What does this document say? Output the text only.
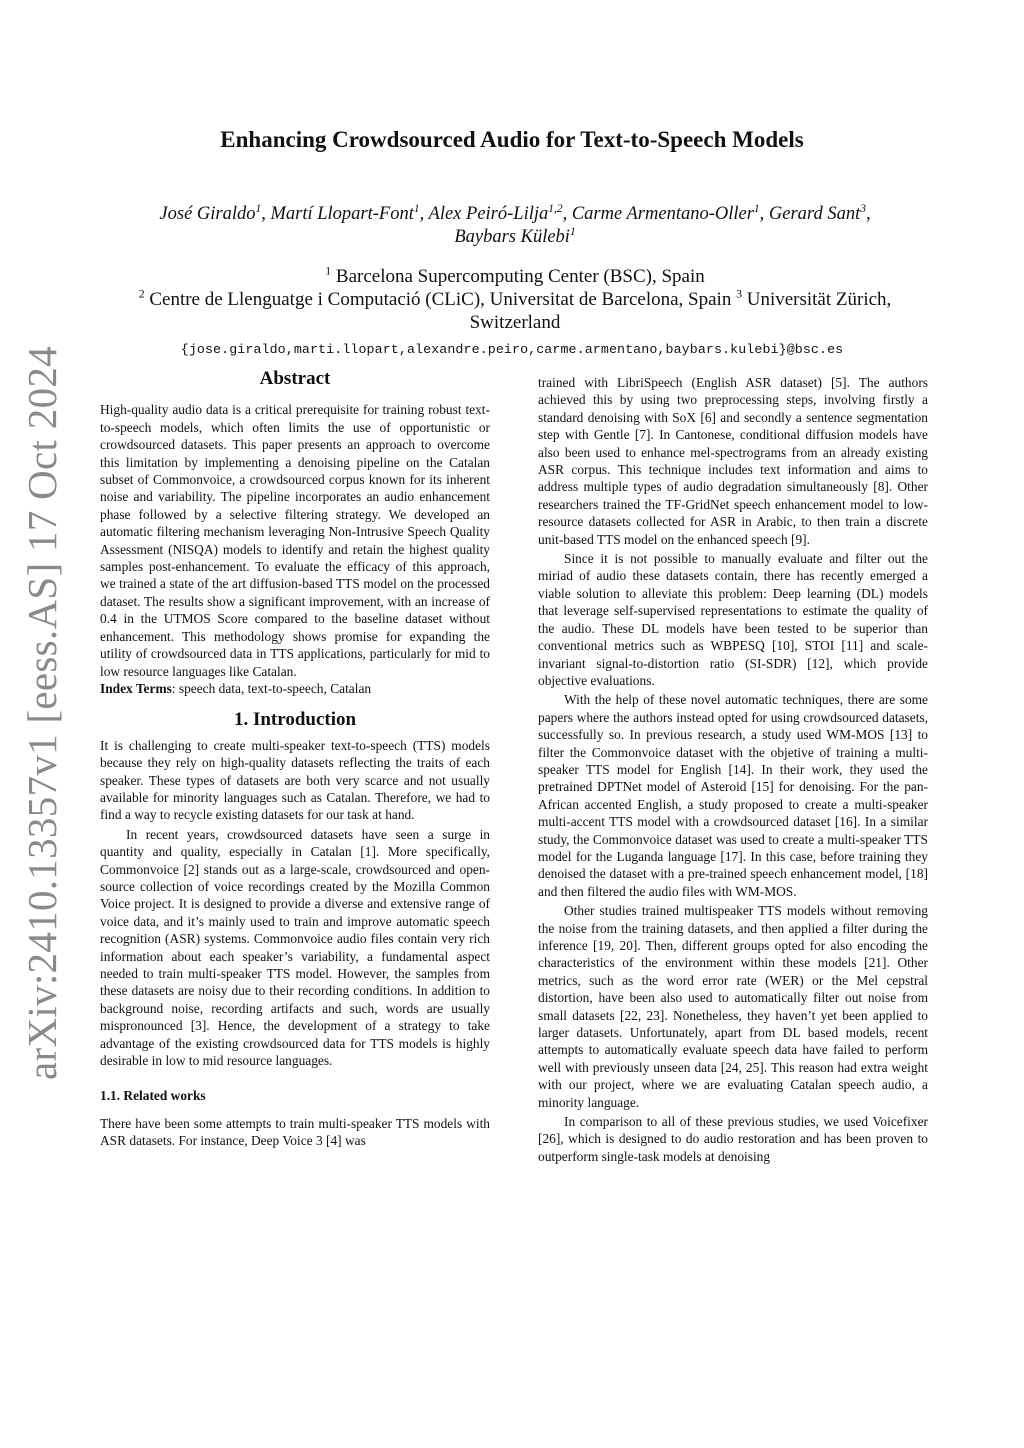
arXiv:2410.13357v1 [eess.AS] 17 Oct 2024
Enhancing Crowdsourced Audio for Text-to-Speech Models
José Giraldo$^1$, Martí Llopart-Font$^1$, Alex Peiró-Lilja$^{1,2}$, Carme Armentano-Oller$^1$, Gerard Sant$^3$,
Baybars Külebi$^1$
$^1$ Barcelona Supercomputing Center (BSC), Spain
$^2$ Centre de Llenguatge i Computació (CLiC), Universitat de Barcelona, Spain $^3$ Universität Zürich,
Switzerland
{jose.giraldo,marti.llopart,alexandre.peiro,carme.armentano,baybars.kulebi}@bsc.es
Abstract

High-quality audio data is a critical prerequisite for training robust text-to-speech models, which often limits the use of opportunistic or crowdsourced datasets. This paper presents an approach to overcome this limitation by implementing a denoising pipeline on the Catalan subset of Commonvoice, a crowdsourced corpus known for its inherent noise and variability. The pipeline incorporates an audio enhancement phase followed by a selective filtering strategy. We developed an automatic filtering mechanism leveraging Non-Intrusive Speech Quality Assessment (NISQA) models to identify and retain the highest quality samples post-enhancement. To evaluate the efficacy of this approach, we trained a state of the art diffusion-based TTS model on the processed dataset. The results show a significant improvement, with an increase of 0.4 in the UTMOS Score compared to the baseline dataset without enhancement. This methodology shows promise for expanding the utility of crowdsourced data in TTS applications, particularly for mid to low resource languages like Catalan.

Index Terms: speech data, text-to-speech, Catalan

1. Introduction

It is challenging to create multi-speaker text-to-speech (TTS) models because they rely on high-quality datasets reflecting the traits of each speaker. These types of datasets are both very scarce and not usually available for minority languages such as Catalan. Therefore, we had to find a way to recycle existing datasets for our task at hand.

In recent years, crowdsourced datasets have seen a surge in quantity and quality, especially in Catalan [1]. More specifically, Commonvoice [2] stands out as a large-scale, crowdsourced and open-source collection of voice recordings created by the Mozilla Common Voice project. It is designed to provide a diverse and extensive range of voice data, and it’s mainly used to train and improve automatic speech recognition (ASR) systems. Commonvoice audio files contain very rich information about each speaker’s variability, a fundamental aspect needed to train multi-speaker TTS model. However, the samples from these datasets are noisy due to their recording conditions. In addition to background noise, recording artifacts and such, words are usually mispronounced [3]. Hence, the development of a strategy to take advantage of the existing crowdsourced data for TTS models is highly desirable in low to mid resource languages.

1.1. Related works

There have been some attempts to train multi-speaker TTS models with ASR datasets. For instance, Deep Voice 3 [4] was

trained with LibriSpeech (English ASR dataset) [5]. The authors achieved this by using two preprocessing steps, involving firstly a standard denoising with SoX [6] and secondly a sentence segmentation step with Gentle [7]. In Cantonese, conditional diffusion models have also been used to enhance mel-spectrograms from an already existing ASR corpus. This technique includes text information and aims to address multiple types of audio degradation simultaneously [8]. Other researchers trained the TF-GridNet speech enhancement model to low-resource datasets collected for ASR in Arabic, to then train a discrete unit-based TTS model on the enhanced speech [9].

Since it is not possible to manually evaluate and filter out the miriad of audio these datasets contain, there has recently emerged a viable solution to alleviate this problem: Deep learning (DL) models that leverage self-supervised representations to estimate the quality of the audio. These DL models have been tested to be superior than conventional metrics such as WBPESQ [10], STOI [11] and scale-invariant signal-to-distortion ratio (SI-SDR) [12], which provide objective evaluations.

With the help of these novel automatic techniques, there are some papers where the authors instead opted for using crowdsourced datasets, successfully so. In previous research, a study used WM-MOS [13] to filter the Commonvoice dataset with the objetive of training a multi-speaker TTS model for English [14]. In their work, they used the pretrained DPTNet model of Asteroid [15] for denoising. For the pan-African accented English, a study proposed to create a multi-speaker multi-accent TTS model with a crowdsourced dataset [16]. In a similar study, the Commonvoice dataset was used to create a multi-speaker TTS model for the Luganda language [17]. In this case, before training they denoised the dataset with a pre-trained speech enhancement model, [18] and then filtered the audio files with WM-MOS.

Other studies trained multispeaker TTS models without removing the noise from the training datasets, and then applied a filter during the inference [19, 20]. Then, different groups opted for also encoding the characteristics of the environment within these models [21]. Other metrics, such as the word error rate (WER) or the Mel cepstral distortion, have been also used to automatically filter out noise from small datasets [22, 23]. Nonetheless, they haven’t yet been applied to larger datasets. Unfortunately, apart from DL based models, recent attempts to automatically evaluate speech data have failed to perform well with previously unseen data [24, 25]. This reason had extra weight with our project, where we are evaluating Catalan speech audio, a minority language.

In comparison to all of these previous studies, we used Voicefixer [26], which is designed to do audio restoration and has been proven to outperform single-task models at denoising
